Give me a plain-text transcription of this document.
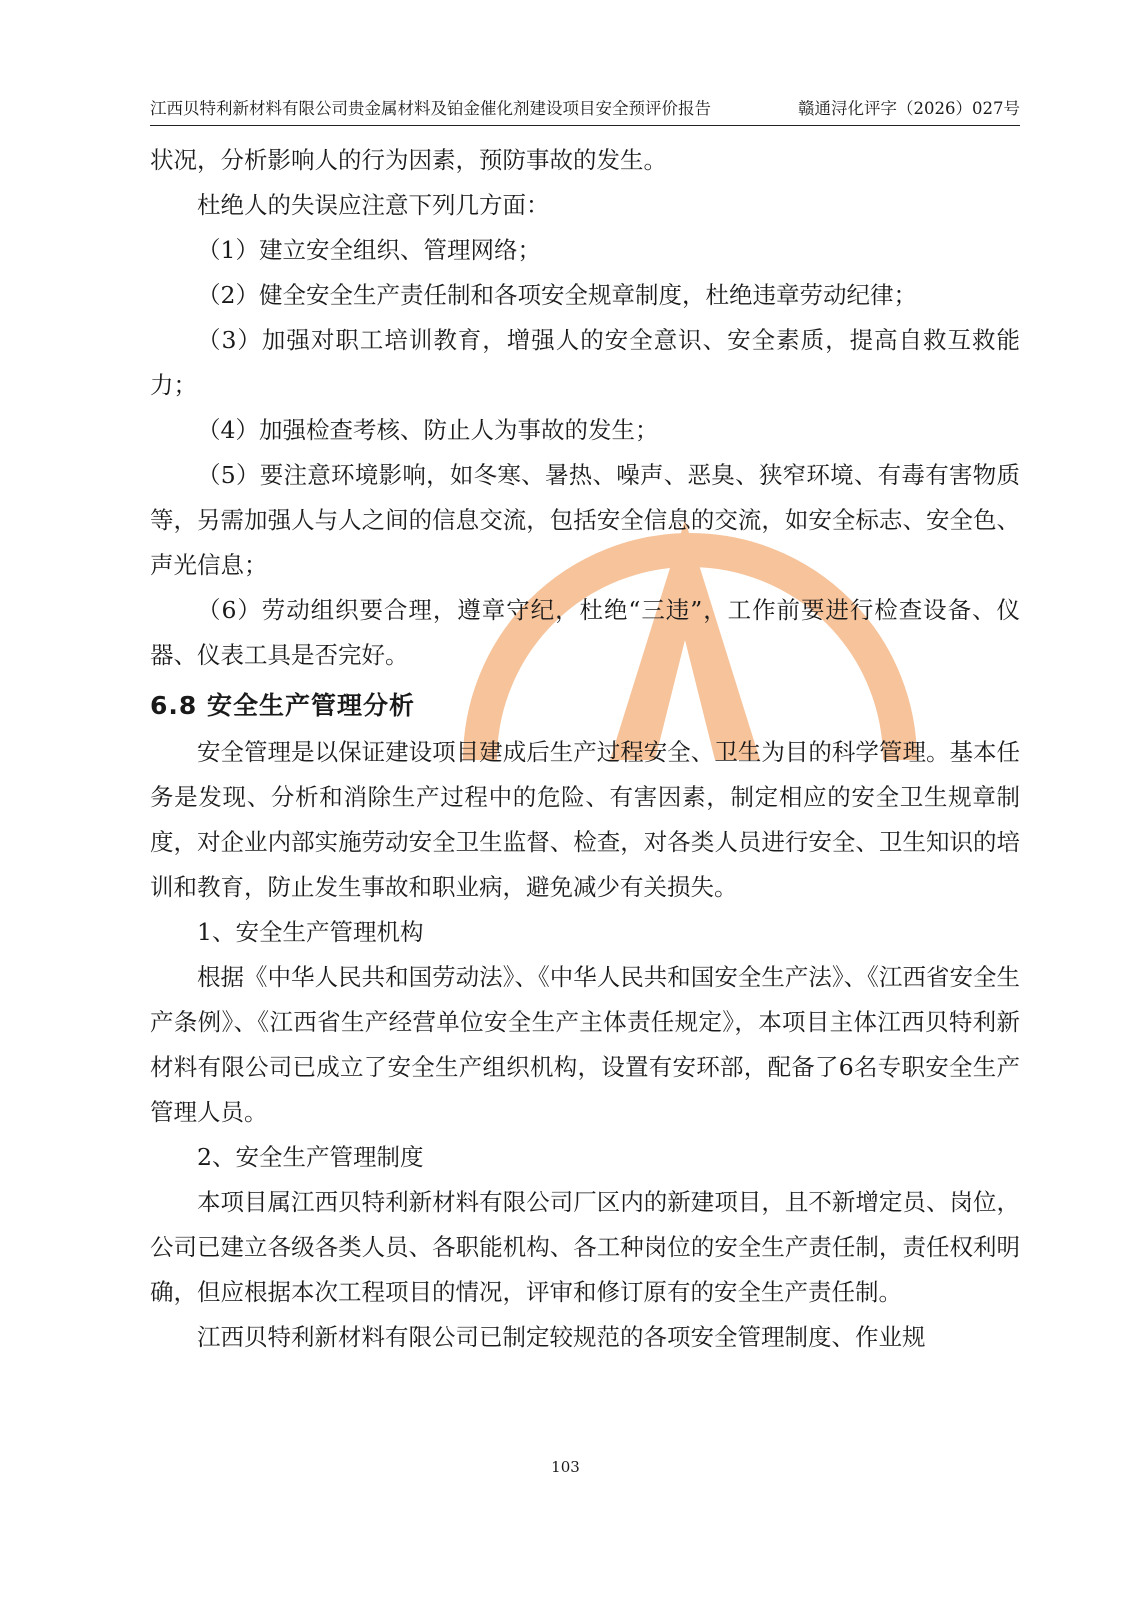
江西贝特利新材料有限公司贵金属材料及铂金催化剂建设项目安全预评价报告	赣通浔化评字（2026）027号

状况，分析影响人的行为因素，预防事故的发生。

杜绝人的失误应注意下列几方面：

（1）建立安全组织、管理网络；

（2）健全安全生产责任制和各项安全规章制度，杜绝违章劳动纪律；

（3）加强对职工培训教育，增强人的安全意识、安全素质，提高自救互救能力；

（4）加强检查考核、防止人为事故的发生；

（5）要注意环境影响，如冬寒、暑热、噪声、恶臭、狭窄环境、有毒有害物质等，另需加强人与人之间的信息交流，包括安全信息的交流，如安全标志、安全色、声光信息；

（6）劳动组织要合理，遵章守纪，杜绝“三违”，工作前要进行检查设备、仪器、仪表工具是否完好。

6.8 安全生产管理分析

安全管理是以保证建设项目建成后生产过程安全、卫生为目的科学管理。基本任务是发现、分析和消除生产过程中的危险、有害因素，制定相应的安全卫生规章制度，对企业内部实施劳动安全卫生监督、检查，对各类人员进行安全、卫生知识的培训和教育，防止发生事故和职业病，避免减少有关损失。

1、安全生产管理机构

根据《中华人民共和国劳动法》、《中华人民共和国安全生产法》、《江西省安全生产条例》、《江西省生产经营单位安全生产主体责任规定》，本项目主体江西贝特利新材料有限公司已成立了安全生产组织机构，设置有安环部，配备了6名专职安全生产管理人员。

2、安全生产管理制度

本项目属江西贝特利新材料有限公司厂区内的新建项目，且不新增定员、岗位，公司已建立各级各类人员、各职能机构、各工种岗位的安全生产责任制，责任权利明确，但应根据本次工程项目的情况，评审和修订原有的安全生产责任制。

江西贝特利新材料有限公司已制定较规范的各项安全管理制度、作业规

103
